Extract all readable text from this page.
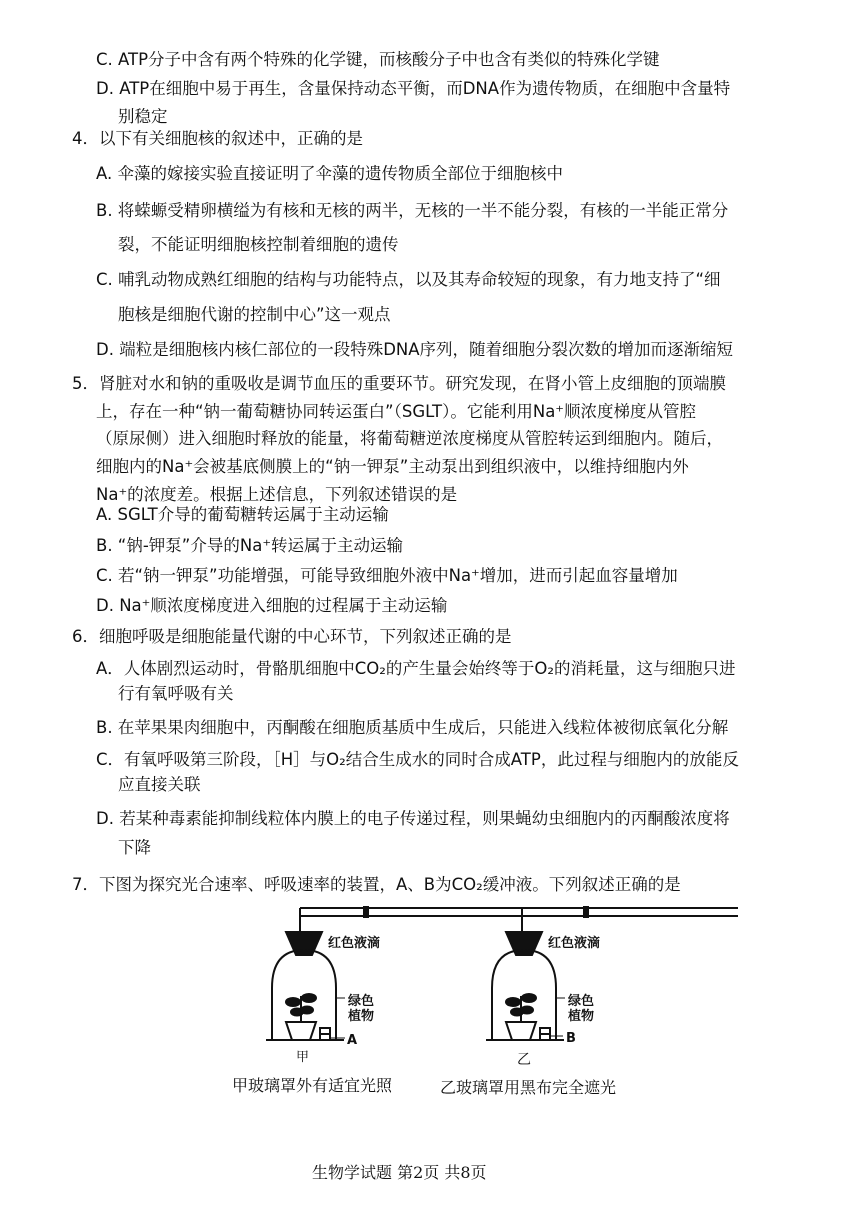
C. ATP分子中含有两个特殊的化学键，而核酸分子中也含有类似的特殊化学键
D. ATP在细胞中易于再生，含量保持动态平衡，而DNA作为遗传物质，在细胞中含量特
别稳定
4．以下有关细胞核的叙述中，正确的是
A. 伞藻的嫁接实验直接证明了伞藻的遗传物质全部位于细胞核中
B. 将蝾螈受精卵横缢为有核和无核的两半，无核的一半不能分裂，有核的一半能正常分
裂，不能证明细胞核控制着细胞的遗传
C. 哺乳动物成熟红细胞的结构与功能特点，以及其寿命较短的现象，有力地支持了“细
胞核是细胞代谢的控制中心”这一观点
D. 端粒是细胞核内核仁部位的一段特殊DNA序列，随着细胞分裂次数的增加而逐渐缩短
5．肾脏对水和钠的重吸收是调节血压的重要环节。研究发现，在肾小管上皮细胞的顶端膜
上，存在一种“钠一葡萄糖协同转运蛋白”（SGLT）。它能利用Na⁺顺浓度梯度从管腔
（原尿侧）进入细胞时释放的能量，将葡萄糖逆浓度梯度从管腔转运到细胞内。随后，
细胞内的Na⁺会被基底侧膜上的“钠一钾泵”主动泵出到组织液中，以维持细胞内外
Na⁺的浓度差。根据上述信息，下列叙述错误的是
A. SGLT介导的葡萄糖转运属于主动运输
B. “钠-钾泵”介导的Na⁺转运属于主动运输
C. 若“钠一钾泵”功能增强，可能导致细胞外液中Na⁺增加，进而引起血容量增加
D. Na⁺顺浓度梯度进入细胞的过程属于主动运输
6．细胞呼吸是细胞能量代谢的中心环节，下列叙述正确的是
A．人体剧烈运动时，骨骼肌细胞中CO₂的产生量会始终等于O₂的消耗量，这与细胞只进
行有氧呼吸有关
B. 在苹果果肉细胞中，丙酮酸在细胞质基质中生成后，只能进入线粒体被彻底氧化分解
C．有氧呼吸第三阶段，［H］与O₂结合生成水的同时合成ATP，此过程与细胞内的放能反
应直接关联
D. 若某种毒素能抑制线粒体内膜上的电子传递过程，则果蝇幼虫细胞内的丙酮酸浓度将
下降
7．下图为探究光合速率、呼吸速率的装置，A、B为CO₂缓冲液。下列叙述正确的是
红色液滴
绿色
植物
A
甲
红色液滴
绿色
植物
B
乙
甲玻璃罩外有适宜光照	乙玻璃罩用黑布完全遮光
生物学试题 第2页 共8页
